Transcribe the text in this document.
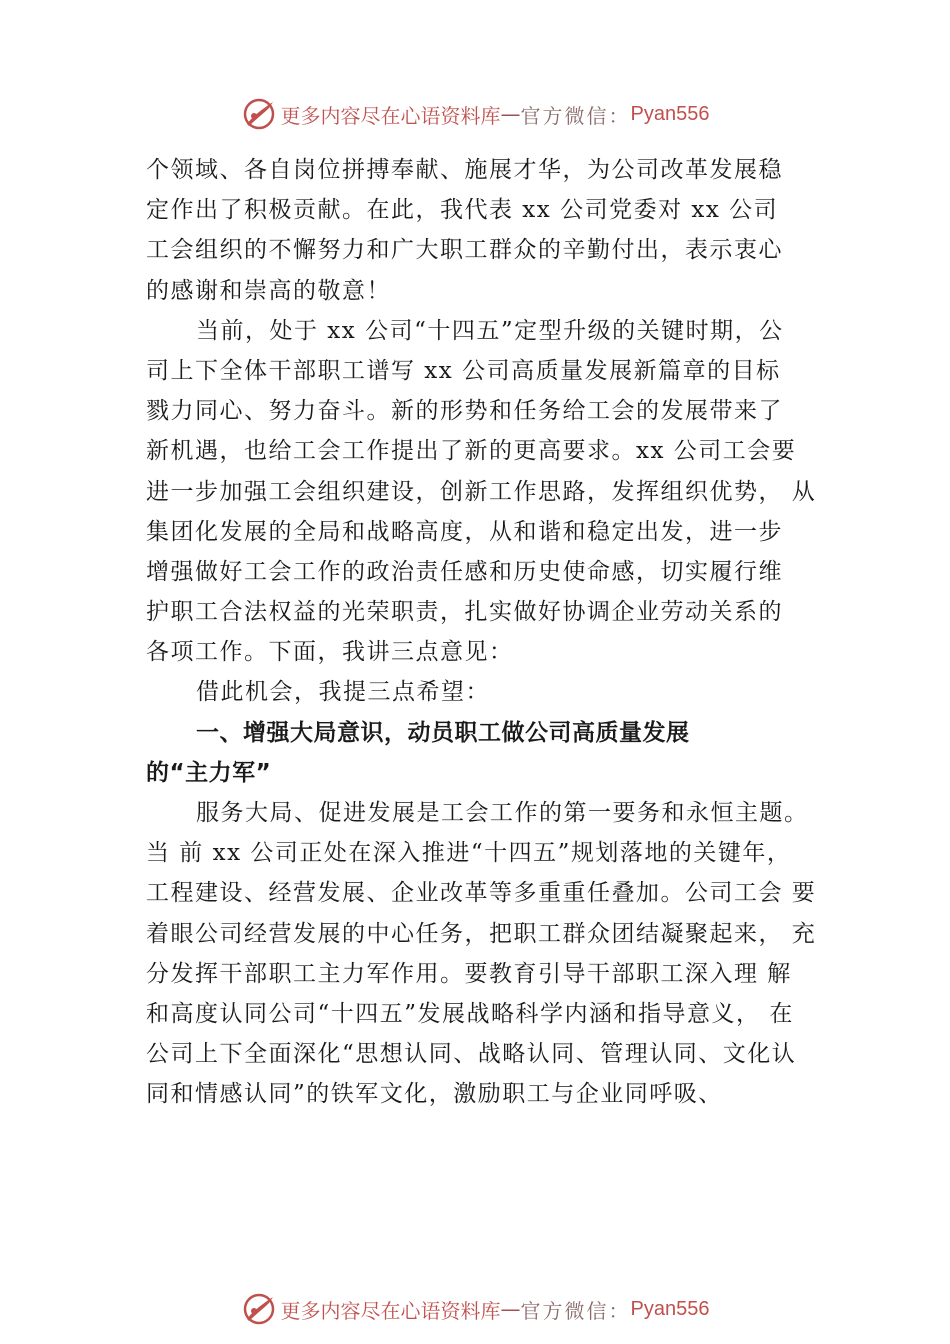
更多内容尽在心语资料库 — 官方微信： Pyan556
个领域、各自岗位拼搏奉献、施展才华，为公司改革发展稳
定作出了积极贡献。在此，我代表 xx 公司党委对 xx 公司
工会组织的不懈努力和广大职工群众的辛勤付出，表示衷心
的感谢和崇高的敬意！
当前，处于 xx 公司“十四五”定型升级的关键时期，公
司上下全体干部职工谱写 xx 公司高质量发展新篇章的目标
戮力同心、努力奋斗。新的形势和任务给工会的发展带来了
新机遇，也给工会工作提出了新的更高要求。xx 公司工会要
进一步加强工会组织建设，创新工作思路，发挥组织优势， 从
集团化发展的全局和战略高度，从和谐和稳定出发，进一步
增强做好工会工作的政治责任感和历史使命感，切实履行维
护职工合法权益的光荣职责，扎实做好协调企业劳动关系的
各项工作。下面，我讲三点意见：
借此机会，我提三点希望：
一、增强大局意识，动员职工做公司高质量发展
的“主力军”
服务大局、促进发展是工会工作的第一要务和永恒主题。
当 前 xx 公司正处在深入推进“十四五”规划落地的关键年，
工程建设、经营发展、企业改革等多重重任叠加。公司工会 要
着眼公司经营发展的中心任务，把职工群众团结凝聚起来， 充
分发挥干部职工主力军作用。要教育引导干部职工深入理 解
和高度认同公司“十四五”发展战略科学内涵和指导意义， 在
公司上下全面深化“思想认同、战略认同、管理认同、文化认
同和情感认同”的铁军文化，激励职工与企业同呼吸、
更多内容尽在心语资料库 — 官方微信： Pyan556
